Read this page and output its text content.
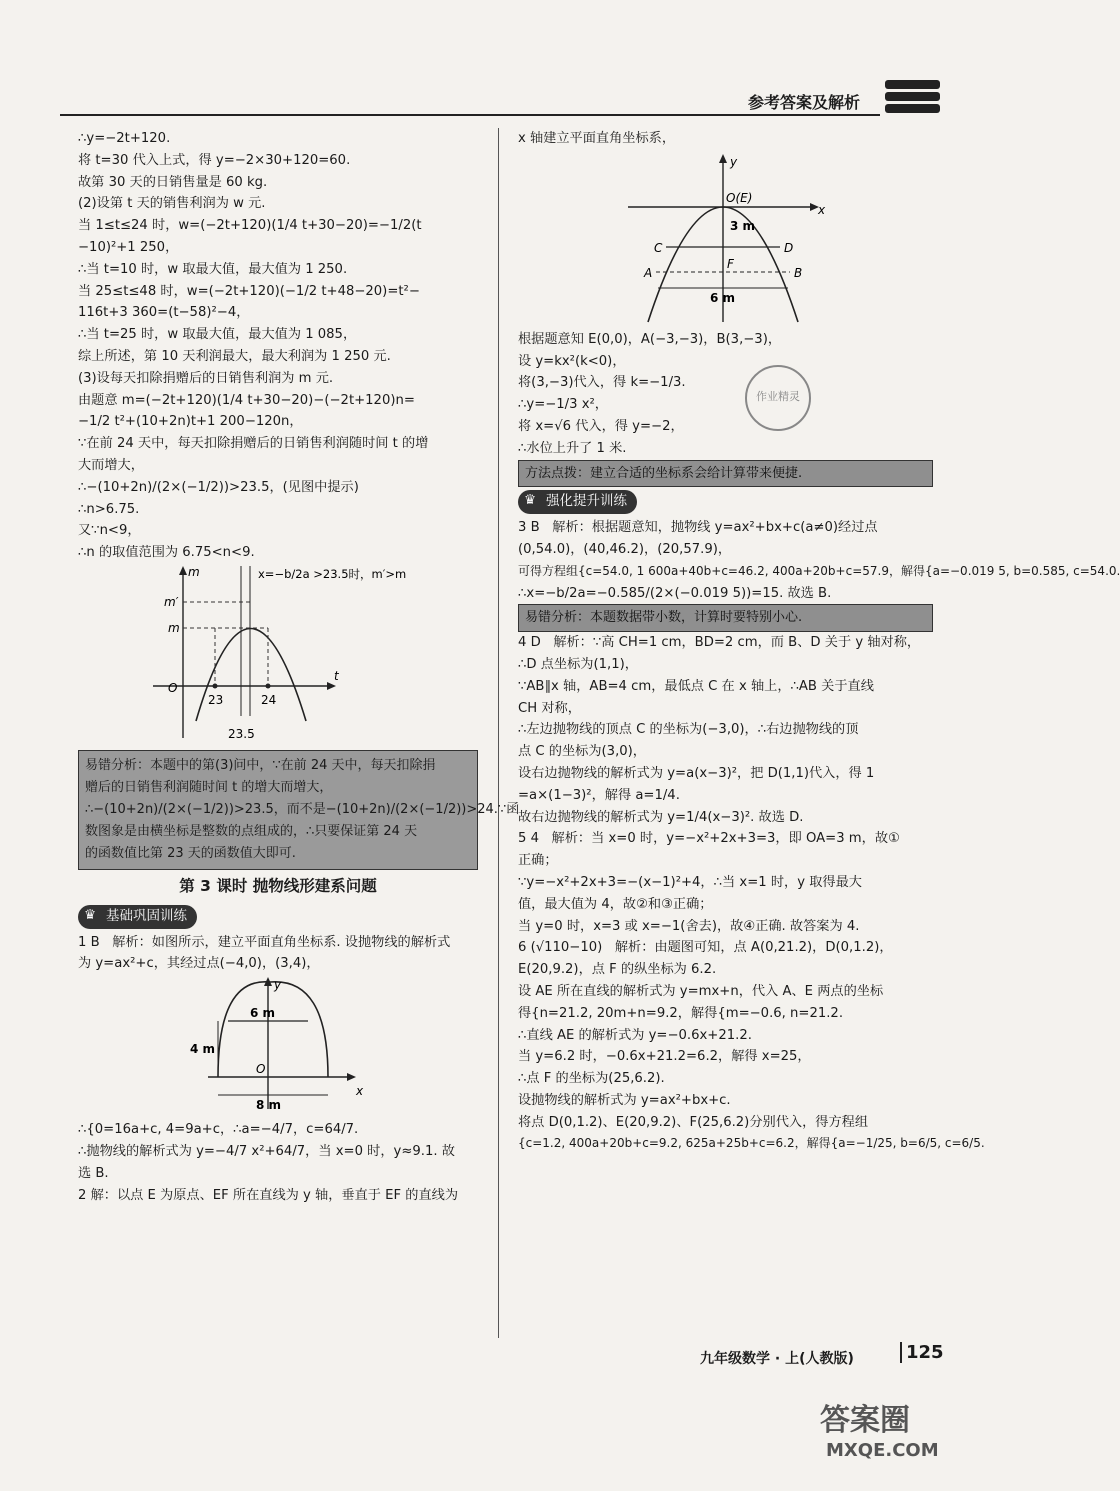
参考答案及解析
∴y=−2t+120.
将 t=30 代入上式，得 y=−2×30+120=60.
故第 30 天的日销售量是 60 kg.
(2)设第 t 天的销售利润为 w 元.
当 1≤t≤24 时，w=(−2t+120)(1/4 t+30−20)=−1/2(t
−10)²+1 250，
∴当 t=10 时，w 取最大值，最大值为 1 250.
当 25≤t≤48 时，w=(−2t+120)(−1/2 t+48−20)=t²−
116t+3 360=(t−58)²−4，
∴当 t=25 时，w 取最大值，最大值为 1 085，
综上所述，第 10 天利润最大，最大利润为 1 250 元.
(3)设每天扣除捐赠后的日销售利润为 m 元.
由题意 m=(−2t+120)(1/4 t+30−20)−(−2t+120)n=
−1/2 t²+(10+2n)t+1 200−120n，
∵在前 24 天中，每天扣除捐赠后的日销售利润随时间 t 的增
大而增大，
∴−(10+2n)/(2×(−1/2))>23.5，(见图中提示)
∴n>6.75.
又∵n<9，
∴n 的取值范围为 6.75<n<9.
x=−b/2a >23.5时，m′>m
m
t
m′
m
O
23	24
23.5
易错分析：本题中的第(3)问中，∵在前 24 天中，每天扣除捐
赠后的日销售利润随时间 t 的增大而增大，
∴−(10+2n)/(2×(−1/2))>23.5，而不是−(10+2n)/(2×(−1/2))>24.∵函
数图象是由横坐标是整数的点组成的，∴只要保证第 24 天
的函数值比第 23 天的函数值大即可.
第 3 课时 抛物线形建系问题
♛ 基础巩固训练
1 B   解析：如图所示，建立平面直角坐标系. 设抛物线的解析式
为 y=ax²+c，其经过点(−4,0)，(3,4)，
y
x
O
6 m
4 m
8 m
∴{0=16a+c, 4=9a+c，∴a=−4/7，c=64/7.
∴抛物线的解析式为 y=−4/7 x²+64/7，当 x=0 时，y≈9.1. 故
选 B.
2 解：以点 E 为原点、EF 所在直线为 y 轴，垂直于 EF 的直线为
x 轴建立平面直角坐标系，
y
x
O(E)
C	D
A	B
F
3 m
6 m
根据题意知 E(0,0)，A(−3,−3)，B(3,−3)，
设 y=kx²(k<0)，
将(3,−3)代入，得 k=−1/3.
∴y=−1/3 x²，
将 x=√6 代入，得 y=−2，
∴水位上升了 1 米.
方法点拨：建立合适的坐标系会给计算带来便捷.
♛ 强化提升训练
3 B   解析：根据题意知，抛物线 y=ax²+bx+c(a≠0)经过点
(0,54.0)，(40,46.2)，(20,57.9)，
可得方程组{c=54.0, 1 600a+40b+c=46.2, 400a+20b+c=57.9，解得{a=−0.019 5, b=0.585, c=54.0.
∴x=−b/2a=−0.585/(2×(−0.019 5))=15. 故选 B.
易错分析：本题数据带小数，计算时要特别小心.
4 D   解析：∵高 CH=1 cm，BD=2 cm，而 B、D 关于 y 轴对称，
∴D 点坐标为(1,1)，
∵AB∥x 轴，AB=4 cm，最低点 C 在 x 轴上，∴AB 关于直线
CH 对称，
∴左边抛物线的顶点 C 的坐标为(−3,0)，∴右边抛物线的顶
点 C 的坐标为(3,0)，
设右边抛物线的解析式为 y=a(x−3)²，把 D(1,1)代入，得 1
=a×(1−3)²，解得 a=1/4.
故右边抛物线的解析式为 y=1/4(x−3)². 故选 D.
5 4   解析：当 x=0 时，y=−x²+2x+3=3，即 OA=3 m，故①
正确；
∵y=−x²+2x+3=−(x−1)²+4，∴当 x=1 时，y 取得最大
值，最大值为 4，故②和③正确；
当 y=0 时，x=3 或 x=−1(舍去)，故④正确. 故答案为 4.
6 (√110−10)   解析：由题图可知，点 A(0,21.2)，D(0,1.2)，
E(20,9.2)，点 F 的纵坐标为 6.2.
设 AE 所在直线的解析式为 y=mx+n，代入 A、E 两点的坐标
得{n=21.2, 20m+n=9.2，解得{m=−0.6, n=21.2.
∴直线 AE 的解析式为 y=−0.6x+21.2.
当 y=6.2 时，−0.6x+21.2=6.2，解得 x=25，
∴点 F 的坐标为(25,6.2).
设抛物线的解析式为 y=ax²+bx+c.
将点 D(0,1.2)、E(20,9.2)、F(25,6.2)分别代入，得方程组
{c=1.2, 400a+20b+c=9.2, 625a+25b+c=6.2，解得{a=−1/25, b=6/5, c=6/5.
作业精灵
九年级数学 · 上(人教版)	125
答案圈
MXQE.COM
